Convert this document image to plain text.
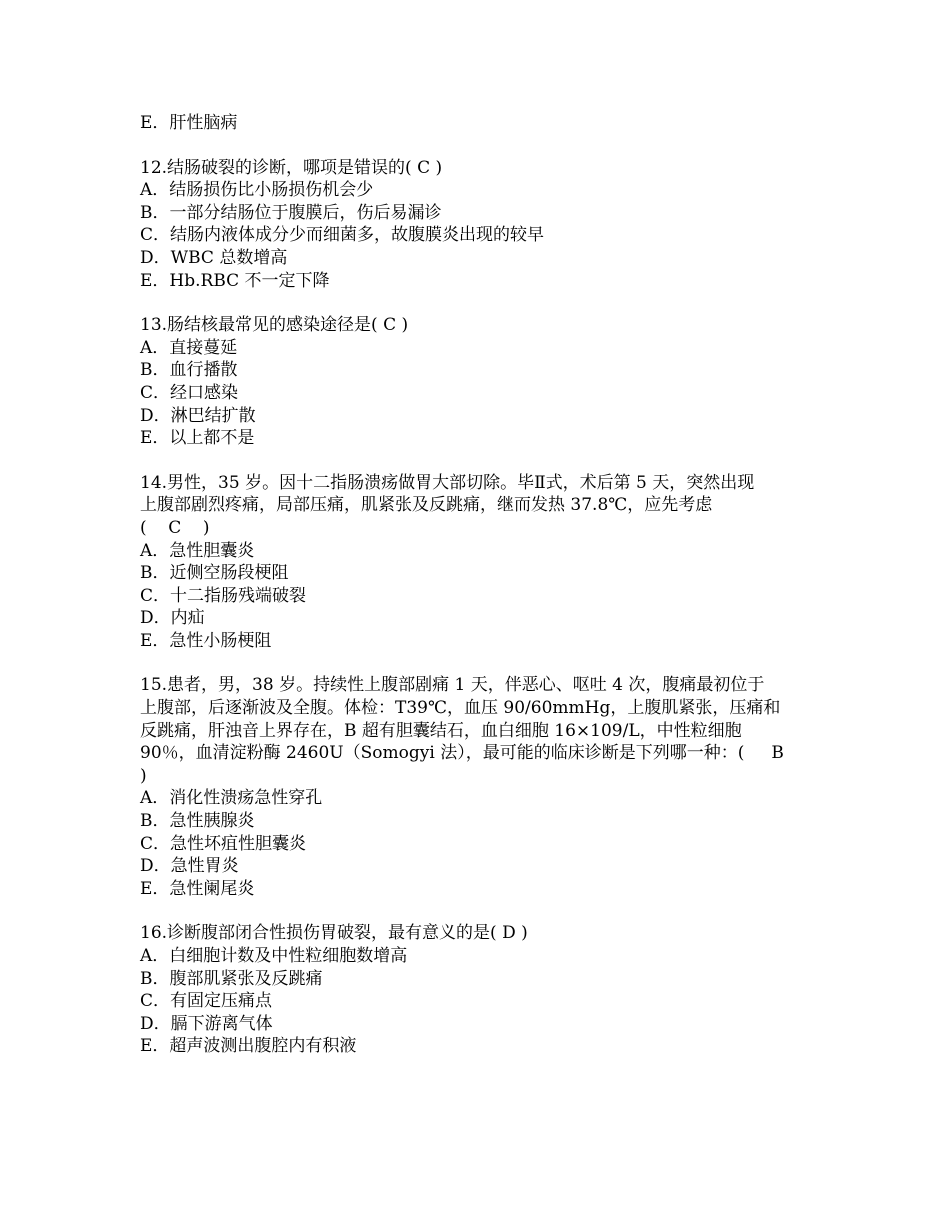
E．肝性脑病
12.结肠破裂的诊断，哪项是错误的( C )
A．结肠损伤比小肠损伤机会少
B．一部分结肠位于腹膜后，伤后易漏诊
C．结肠内液体成分少而细菌多，故腹膜炎出现的较早
D．WBC 总数增高
E．Hb.RBC 不一定下降
13.肠结核最常见的感染途径是( C )
A．直接蔓延
B．血行播散
C．经口感染
D．淋巴结扩散
E．以上都不是
14.男性，35 岁。因十二指肠溃疡做胃大部切除。毕Ⅱ式，术后第 5 天，突然出现
上腹部剧烈疼痛，局部压痛，肌紧张及反跳痛，继而发热 37.8℃，应先考虑
(    C    )
A．急性胆囊炎
B．近侧空肠段梗阻
C．十二指肠残端破裂
D．内疝
E．急性小肠梗阻
15.患者，男，38 岁。持续性上腹部剧痛 1 天，伴恶心、呕吐 4 次，腹痛最初位于
上腹部，后逐渐波及全腹。体检：T39℃，血压 90/60mmHg，上腹肌紧张，压痛和
反跳痛，肝浊音上界存在，B 超有胆囊结石，血白细胞 16×109/L，中性粒细胞
90％，血清淀粉酶 2460U（Somogyi 法），最可能的临床诊断是下列哪一种：(     B
)
A．消化性溃疡急性穿孔
B．急性胰腺炎
C．急性坏疽性胆囊炎
D．急性胃炎
E．急性阑尾炎
16.诊断腹部闭合性损伤胃破裂，最有意义的是( D )
A．白细胞计数及中性粒细胞数增高
B．腹部肌紧张及反跳痛
C．有固定压痛点
D．膈下游离气体
E．超声波测出腹腔内有积液
